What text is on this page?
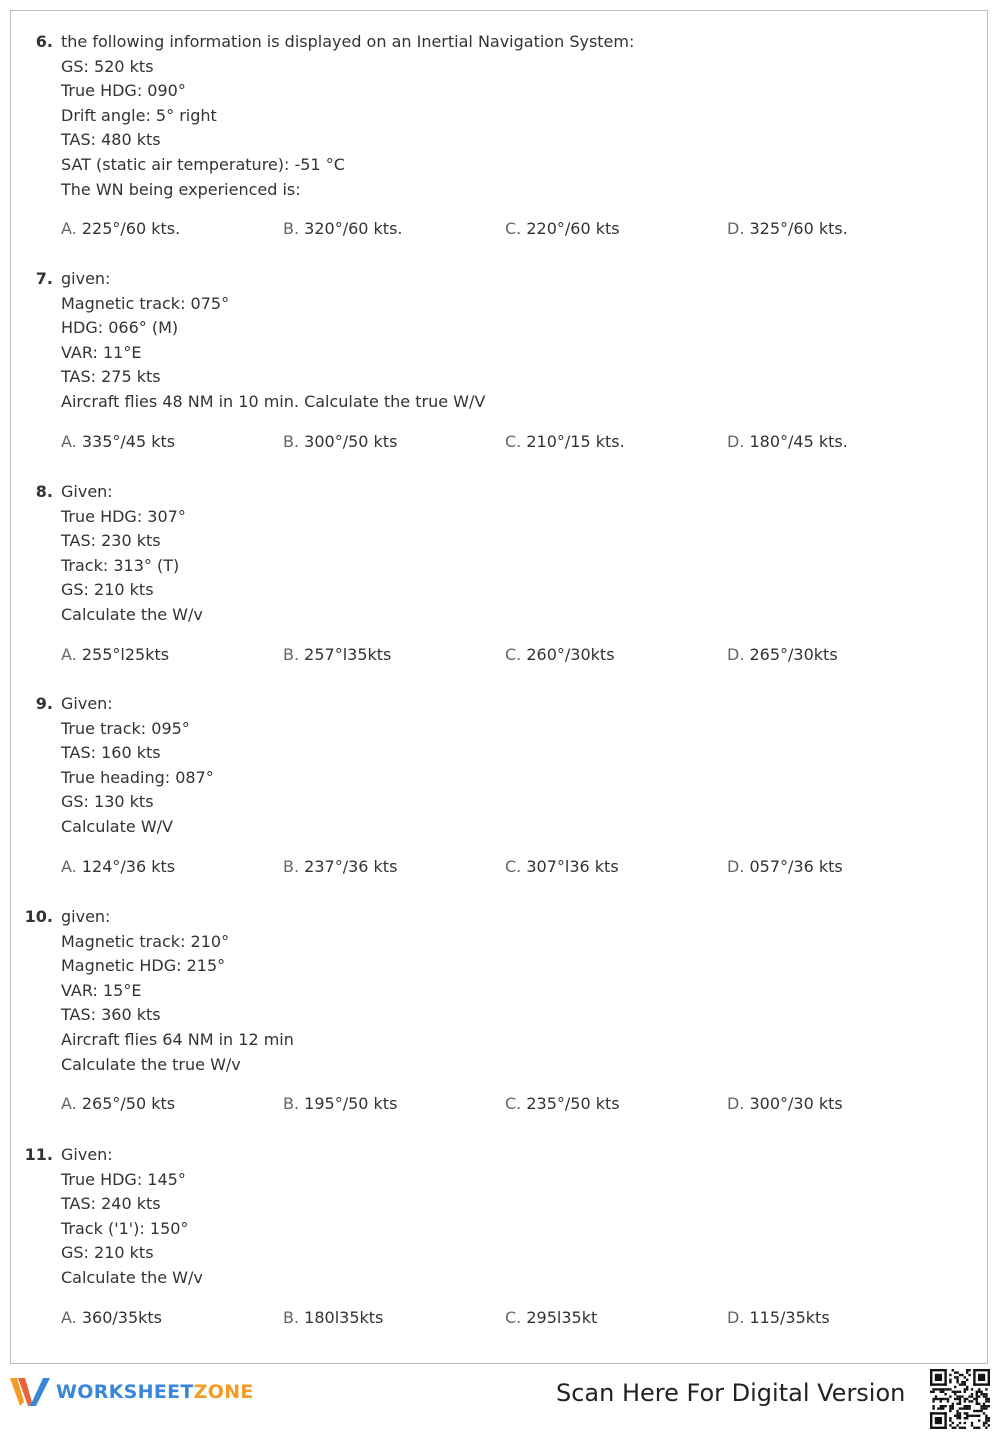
6. the following information is displayed on an Inertial Navigation System:
GS: 520 kts
True HDG: 090°
Drift angle: 5° right
TAS: 480 kts
SAT (static air temperature): -51 °C
The WN being experienced is:
A. 225°/60 kts.	B. 320°/60 kts.	C. 220°/60 kts	D. 325°/60 kts.
7. given:
Magnetic track: 075°
HDG: 066° (M)
VAR: 11°E
TAS: 275 kts
Aircraft flies 48 NM in 10 min. Calculate the true W/V
A. 335°/45 kts	B. 300°/50 kts	C. 210°/15 kts.	D. 180°/45 kts.
8. Given:
True HDG: 307°
TAS: 230 kts
Track: 313° (T)
GS: 210 kts
Calculate the W/v
A. 255°l25kts	B. 257°l35kts	C. 260°/30kts	D. 265°/30kts
9. Given:
True track: 095°
TAS: 160 kts
True heading: 087°
GS: 130 kts
Calculate W/V
A. 124°/36 kts	B. 237°/36 kts	C. 307°l36 kts	D. 057°/36 kts
10. given:
Magnetic track: 210°
Magnetic HDG: 215°
VAR: 15°E
TAS: 360 kts
Aircraft flies 64 NM in 12 min
Calculate the true W/v
A. 265°/50 kts	B. 195°/50 kts	C. 235°/50 kts	D. 300°/30 kts
11. Given:
True HDG: 145°
TAS: 240 kts
Track ('1'): 150°
GS: 210 kts
Calculate the W/v
A. 360/35kts	B. 180l35kts	C. 295l35kt	D. 115/35kts
WORKSHEETZONE	Scan Here For Digital Version
